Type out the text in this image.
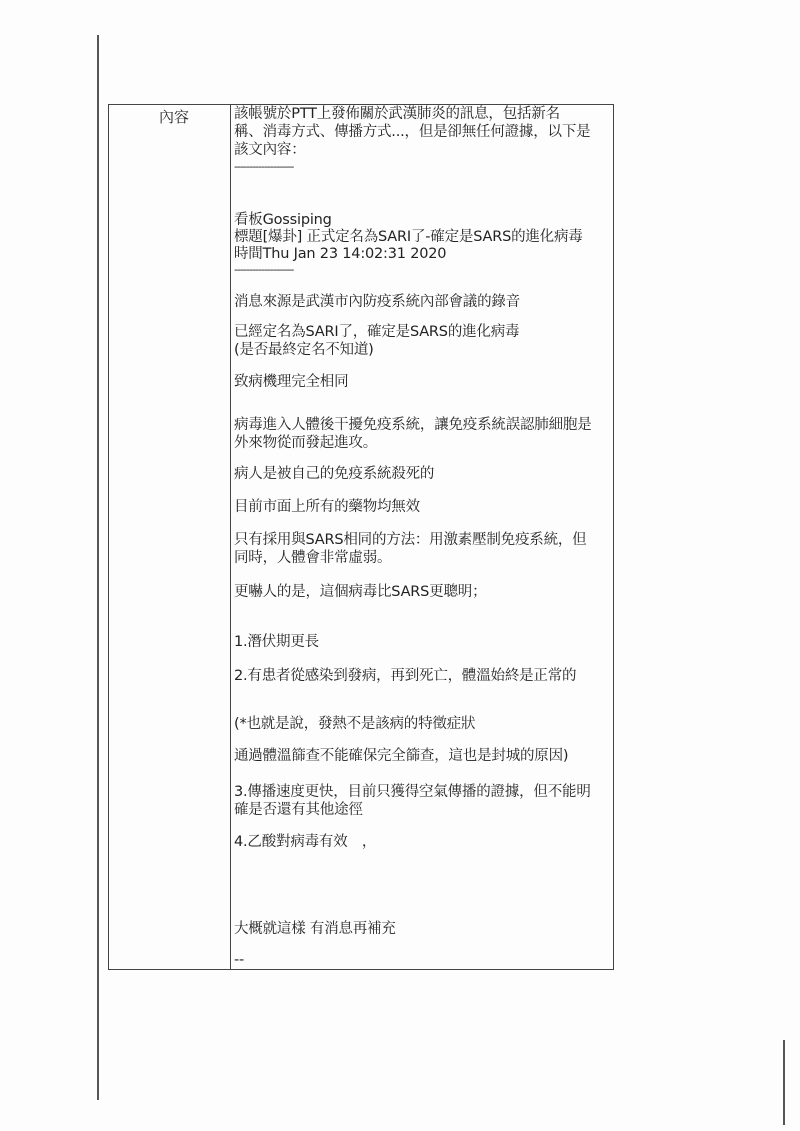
內容	該帳號於PTT上發佈關於武漢肺炎的訊息，包括新名
稱、消毒方式、傳播方式...，但是卻無任何證據，以下是
該文內容：
--------------------
看板Gossiping
標題[爆卦] 正式定名為SARI了-確定是SARS的進化病毒
時間Thu Jan 23 14:02:31 2020
--------------------
消息來源是武漢市內防疫系統內部會議的錄音
已經定名為SARI了，確定是SARS的進化病毒
(是否最終定名不知道)
致病機理完全相同
病毒進入人體後干擾免疫系統，讓免疫系統誤認肺細胞是
外來物從而發起進攻。
病人是被自己的免疫系統殺死的
目前市面上所有的藥物均無效
只有採用與SARS相同的方法：用激素壓制免疫系統，但
同時，人體會非常虛弱。
更嚇人的是，這個病毒比SARS更聰明；
1.潛伏期更長
2.有患者從感染到發病，再到死亡，體溫始終是正常的
(*也就是說，發熱不是該病的特徵症狀
通過體溫篩查不能確保完全篩查，這也是封城的原因)
3.傳播速度更快，目前只獲得空氣傳播的證據，但不能明
確是否還有其他途徑
4.乙酸對病毒有效　，
大概就這樣 有消息再補充
--
